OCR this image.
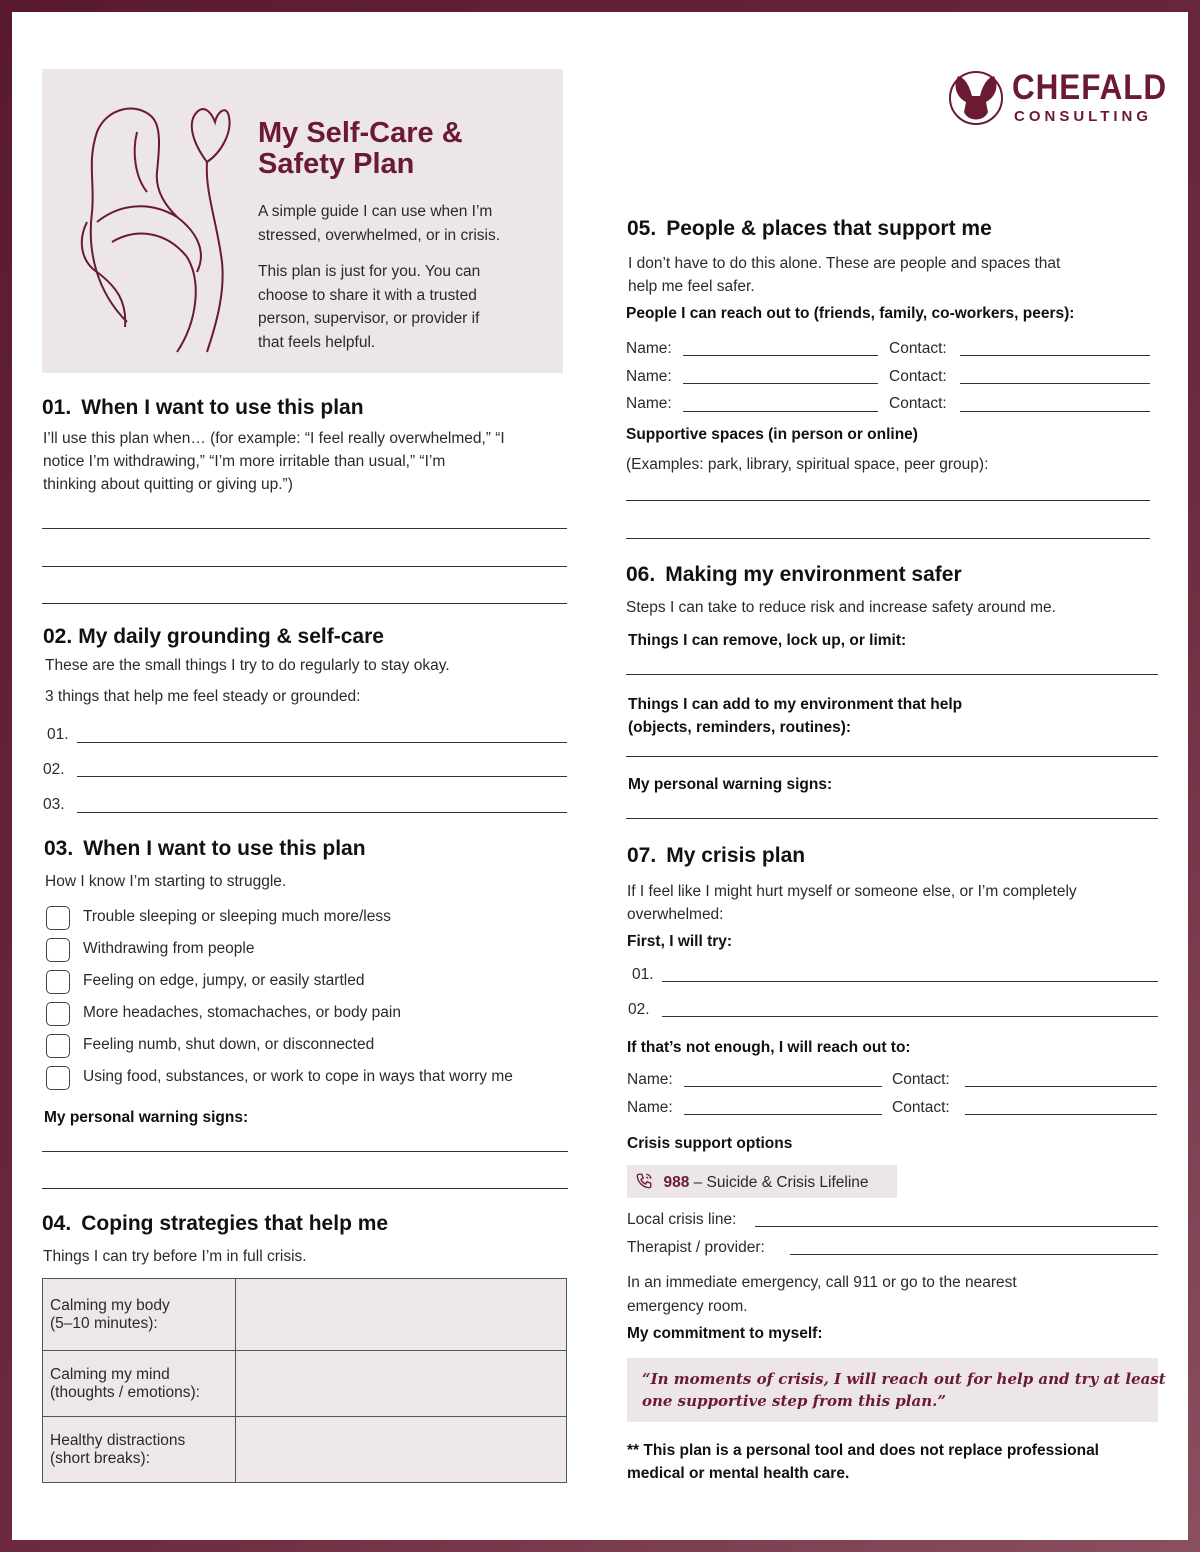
My Self-Care &
Safety Plan
A simple guide I can use when I’m
stressed, overwhelmed, or in crisis.
This plan is just for you. You can
choose to share it with a trusted
person, supervisor, or provider if
that feels helpful.
CHEFALD
CONSULTING
01. When I want to use this plan
I’ll use this plan when… (for example: “I feel really overwhelmed,” “I
notice I’m withdrawing,” “I’m more irritable than usual,” “I’m
thinking about quitting or giving up.”)
02. My daily grounding & self-care
These are the small things I try to do regularly to stay okay.
3 things that help me feel steady or grounded:
01.
02.
03.
03. When I want to use this plan
How I know I’m starting to struggle.
Trouble sleeping or sleeping much more/less
Withdrawing from people
Feeling on edge, jumpy, or easily startled
More headaches, stomachaches, or body pain
Feeling numb, shut down, or disconnected
Using food, substances, or work to cope in ways that worry me
My personal warning signs:
04. Coping strategies that help me
Things I can try before I’m in full crisis.
Calming my body
(5–10 minutes):	

Calming my mind
(thoughts / emotions):	

Healthy distractions
(short breaks):	

05. People & places that support me
I don’t have to do this alone. These are people and spaces that
help me feel safer.
People I can reach out to (friends, family, co-workers, peers):
Name:	Contact:
Name:	Contact:
Name:	Contact:
Supportive spaces (in person or online)
(Examples: park, library, spiritual space, peer group):
06. Making my environment safer
Steps I can take to reduce risk and increase safety around me.
Things I can remove, lock up, or limit:
Things I can add to my environment that help
(objects, reminders, routines):
My personal warning signs:
07. My crisis plan
If I feel like I might hurt myself or someone else, or I’m completely
overwhelmed:
First, I will try:
01.
02.
If that’s not enough, I will reach out to:
Name:	Contact:
Name:	Contact:
Crisis support options
988 – Suicide & Crisis Lifeline
Local crisis line:
Therapist / provider:
In an immediate emergency, call 911 or go to the nearest
emergency room.
My commitment to myself:
“In moments of crisis, I will reach out for help and try at least
one supportive step from this plan.”
** This plan is a personal tool and does not replace professional
medical or mental health care.
